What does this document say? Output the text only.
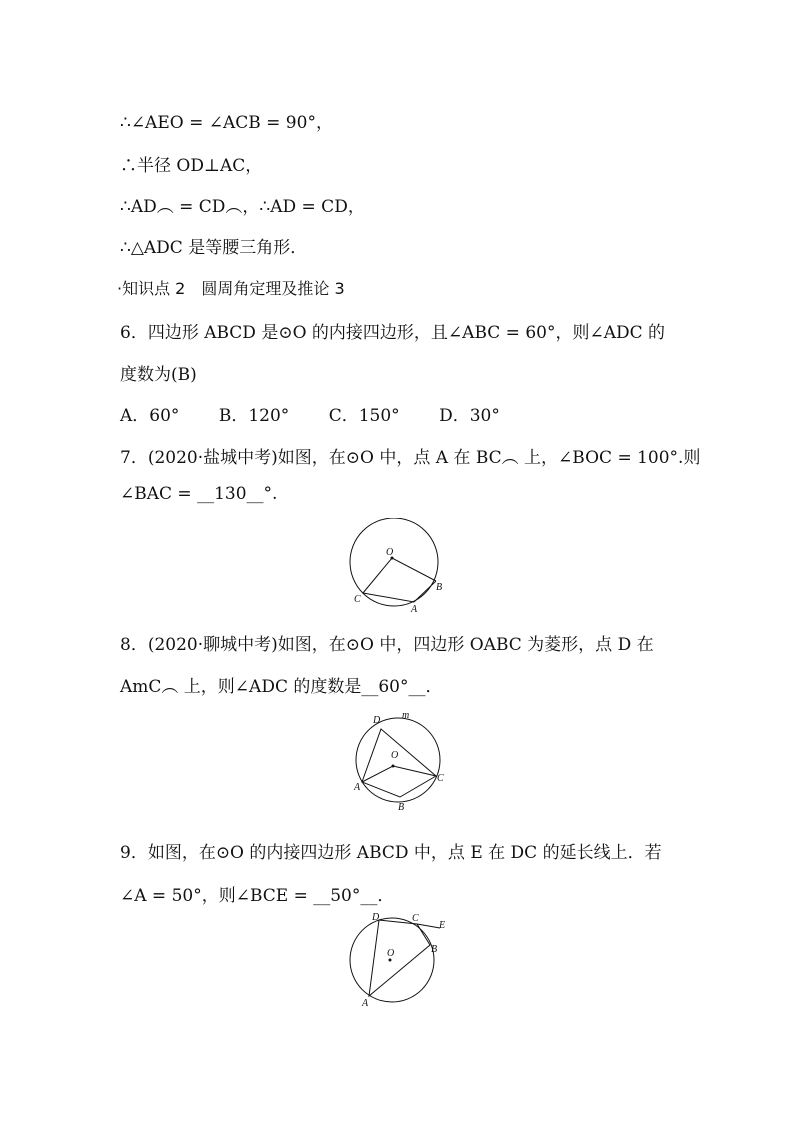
∴∠AEO = ∠ACB = 90°，
∴半径 OD⊥AC，
∴AD︵ = CD︵，∴AD = CD，
∴△ADC 是等腰三角形．
·知识点 2　圆周角定理及推论 3
6．四边形 ABCD 是⊙O 的内接四边形，且∠ABC = 60°，则∠ADC 的
度数为(B)
A．60° B．120° C．150° D．30°
7．(2020·盐城中考)如图，在⊙O 中，点 A 在 BC︵ 上，∠BOC = 100°.则
∠BAC = __130__°.
O
B
C
A
8．(2020·聊城中考)如图，在⊙O 中，四边形 OABC 为菱形，点 D 在
AmC︵ 上，则∠ADC 的度数是__60°__．
D m
O
C
A
B
9．如图，在⊙O 的内接四边形 ABCD 中，点 E 在 DC 的延长线上．若
∠A = 50°，则∠BCE = __50°__．
D	C
E
O	B
A
